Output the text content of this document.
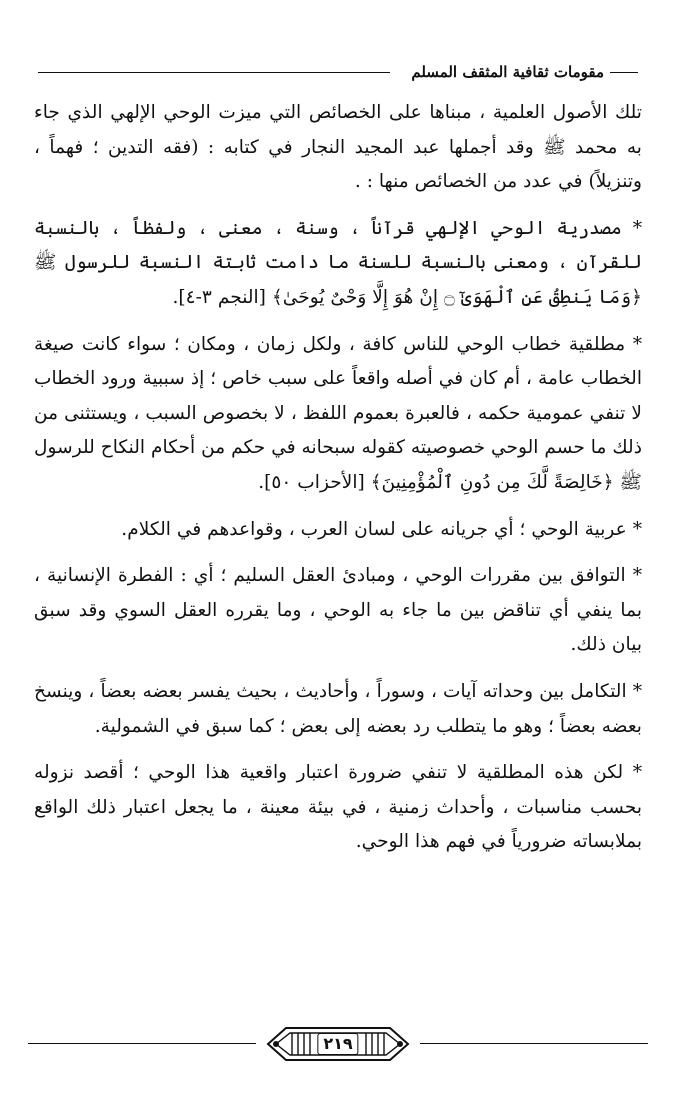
مقومات ثقافية المثقف المسلم

تلك الأصول العلمية ، مبناها على الخصائص التي ميزت الوحي الإلهي الذي جاء به محمد ﷺ وقد أجملها عبد المجيد النجار في كتابه : (فقه التدين ؛ فهماً ، وتنزيلاً) في عدد من الخصائص منها : .

* مصدرية الوحي الإلهي قرآناً ، وسنة ، معنى ، ولفظاً ، بالنسبة للقرآن ، ومعنى بالنسبة للسنة ما دامت ثابتة النسبة للرسول ﷺ ﴿وَمَا يَنطِقُ عَنِ ٱلْهَوَىٰٓ ۝ إِنْ هُوَ إِلَّا وَحْىٌ يُوحَىٰ﴾ [النجم ٣-٤].

* مطلقية خطاب الوحي للناس كافة ، ولكل زمان ، ومكان ؛ سواء كانت صيغة الخطاب عامة ، أم كان في أصله واقعاً على سبب خاص ؛ إذ سببية ورود الخطاب لا تنفي عمومية حكمه ، فالعبرة بعموم اللفظ ، لا بخصوص السبب ، ويستثنى من ذلك ما حسم الوحي خصوصيته كقوله سبحانه في حكم من أحكام النكاح للرسول ﷺ ﴿خَالِصَةً لَّكَ مِن دُونِ ٱلْمُؤْمِنِينَ﴾ [الأحزاب ٥٠].

* عربية الوحي ؛ أي جريانه على لسان العرب ، وقواعدهم في الكلام.

* التوافق بين مقررات الوحي ، ومبادئ العقل السليم ؛ أي : الفطرة الإنسانية ، بما ينفي أي تناقض بين ما جاء به الوحي ، وما يقرره العقل السوي وقد سبق بيان ذلك.

* التكامل بين وحداته آيات ، وسوراً ، وأحاديث ، بحيث يفسر بعضه بعضاً ، وينسخ بعضه بعضاً ؛ وهو ما يتطلب رد بعضه إلى بعض ؛ كما سبق في الشمولية.

* لكن هذه المطلقية لا تنفي ضرورة اعتبار واقعية هذا الوحي ؛ أقصد نزوله بحسب مناسبات ، وأحداث زمنية ، في بيئة معينة ، ما يجعل اعتبار ذلك الواقع بملابساته ضرورياً في فهم هذا الوحي.

٢١٩
